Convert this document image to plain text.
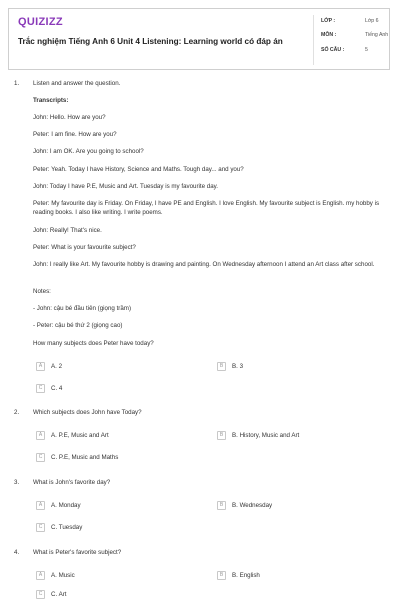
QUIZIZZ
Trắc nghiệm Tiếng Anh 6 Unit 4 Listening: Learning world có đáp án
LỚP :	Lớp 6
MÔN :	Tiếng Anh
SỐ CÂU :	5
1. Listen and answer the question.
Transcripts:
John: Hello. How are you?
Peter: I am fine. How are you?
John: I am OK. Are you going to school?
Peter: Yeah. Today I have History, Science and Maths. Tough day... and you?
John: Today I have P.E, Music and Art. Tuesday is my favourite day.
Peter: My favourite day is Friday. On Friday, I have PE and English. I love English. My favourite subject is English. my hobby is reading books. I also like writing. I write poems.
John: Really! That's nice.
Peter: What is your favourite subject?
John: I really like Art. My favourite hobby is drawing and painting. On Wednesday afternoon I attend an Art class after school.
Notes:
- John: cậu bé đầu tiên (giọng trầm)
- Peter: cậu bé thứ 2 (giọng cao)
How many subjects does Peter have today?
A	A. 2	B	B. 3
C	C. 4
2. Which subjects does John have Today?
A	A. P.E, Music and Art	B	B. History, Music and Art
C	C. P.E, Music and Maths
3. What is John's favorite day?
A	A. Monday	B	B. Wednesday
C	C. Tuesday
4. What is Peter's favorite subject?
A	A. Music	B	B. English
C	C. Art
